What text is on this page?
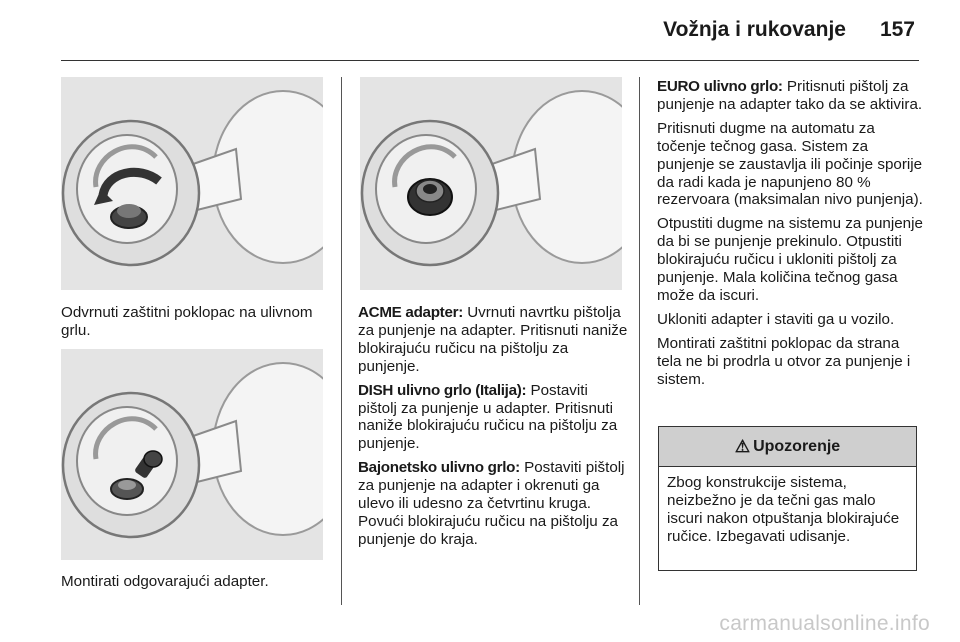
Vožnja i rukovanje 157
Odvrnuti zaštitni poklopac na ulivnom grlu.
Montirati odgovarajući adapter.

ACME adapter: Uvrnuti navrtku pištolja za punjenje na adapter. Pritisnuti naniže blokirajuću ručicu na pištolju za punjenje.

DISH ulivno grlo (Italija): Postaviti pištolj za punjenje u adapter. Pritisnuti naniže blokirajuću ručicu na pištolju za punjenje.

Bajonetsko ulivno grlo: Postaviti pištolj za punjenje na adapter i okrenuti ga ulevo ili udesno za četvrtinu kruga. Povući blokirajuću ručicu na pištolju za punjenje do kraja.

EURO ulivno grlo: Pritisnuti pištolj za punjenje na adapter tako da se aktivira.

Pritisnuti dugme na automatu za točenje tečnog gasa. Sistem za punjenje se zaustavlja ili počinje sporije da radi kada je napunjeno 80 % rezervoara (maksimalan nivo punjenja).

Otpustiti dugme na sistemu za punjenje da bi se punjenje prekinulo. Otpustiti blokirajuću ručicu i ukloniti pištolj za punjenje. Mala količina tečnog gasa može da iscuri.

Ukloniti adapter i staviti ga u vozilo.

Montirati zaštitni poklopac da strana tela ne bi prodrla u otvor za punjenje i sistem.

⚠ Upozorenje
Zbog konstrukcije sistema, neizbežno je da tečni gas malo iscuri nakon otpuštanja blokirajuće ručice. Izbegavati udisanje.
carmanualsonline.info
